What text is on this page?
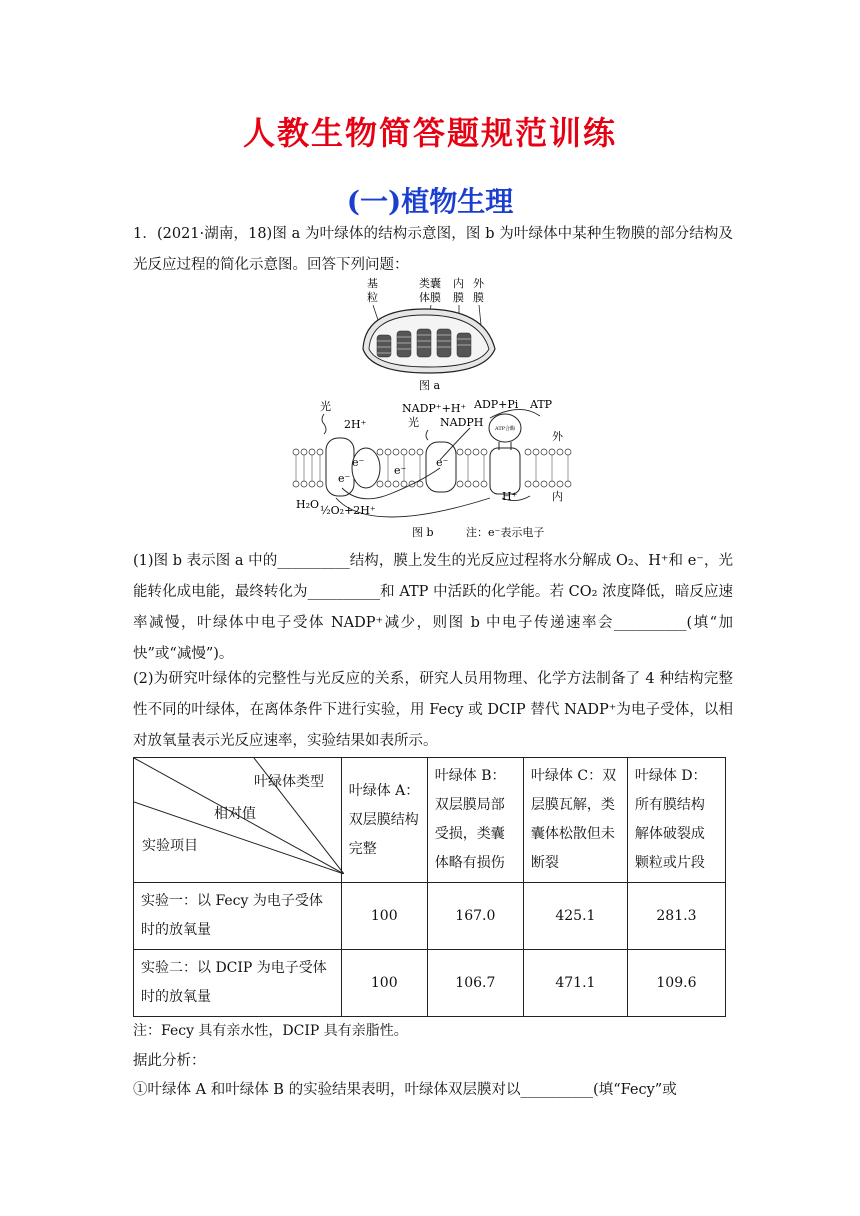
人教生物简答题规范训练
(一)植物生理
1．(2021·湖南，18)图 a 为叶绿体的结构示意图，图 b 为叶绿体中某种生物膜的部分结构及光反应过程的简化示意图。回答下列问题：
基
粒
类囊
体膜
内
膜
外
膜
图 a
光
2H⁺
NADP⁺+H⁺
光 NADPH
ADP+Pi ATP
ATP合酶
外
内
e⁻
e⁻
e⁻
e⁻
H⁺
H₂O ½O₂+2H⁺
图 b	注：e⁻表示电子
(1)图 b 表示图 a 中的__________结构，膜上发生的光反应过程将水分解成 O₂、H⁺和 e⁻，光能转化成电能，最终转化为__________和 ATP 中活跃的化学能。若 CO₂ 浓度降低，暗反应速率减慢，叶绿体中电子受体 NADP⁺减少，则图 b 中电子传递速率会__________(填“加快”或“减慢”)。
(2)为研究叶绿体的完整性与光反应的关系，研究人员用物理、化学方法制备了 4 种结构完整性不同的叶绿体，在离体条件下进行实验，用 Fecy 或 DCIP 替代 NADP⁺为电子受体，以相对放氧量表示光反应速率，实验结果如表所示。
叶绿体类型
相对值
实验项目	叶绿体 A：双层膜结构完整	叶绿体 B：双层膜局部受损，类囊体略有损伤	叶绿体 C：双层膜瓦解，类囊体松散但未断裂	叶绿体 D：所有膜结构解体破裂成颗粒或片段
实验一：以 Fecy 为电子受体时的放氧量	100	167.0	425.1	281.3
实验二：以 DCIP 为电子受体时的放氧量	100	106.7	471.1	109.6
注：Fecy 具有亲水性，DCIP 具有亲脂性。
据此分析：
①叶绿体 A 和叶绿体 B 的实验结果表明，叶绿体双层膜对以__________(填“Fecy”或
